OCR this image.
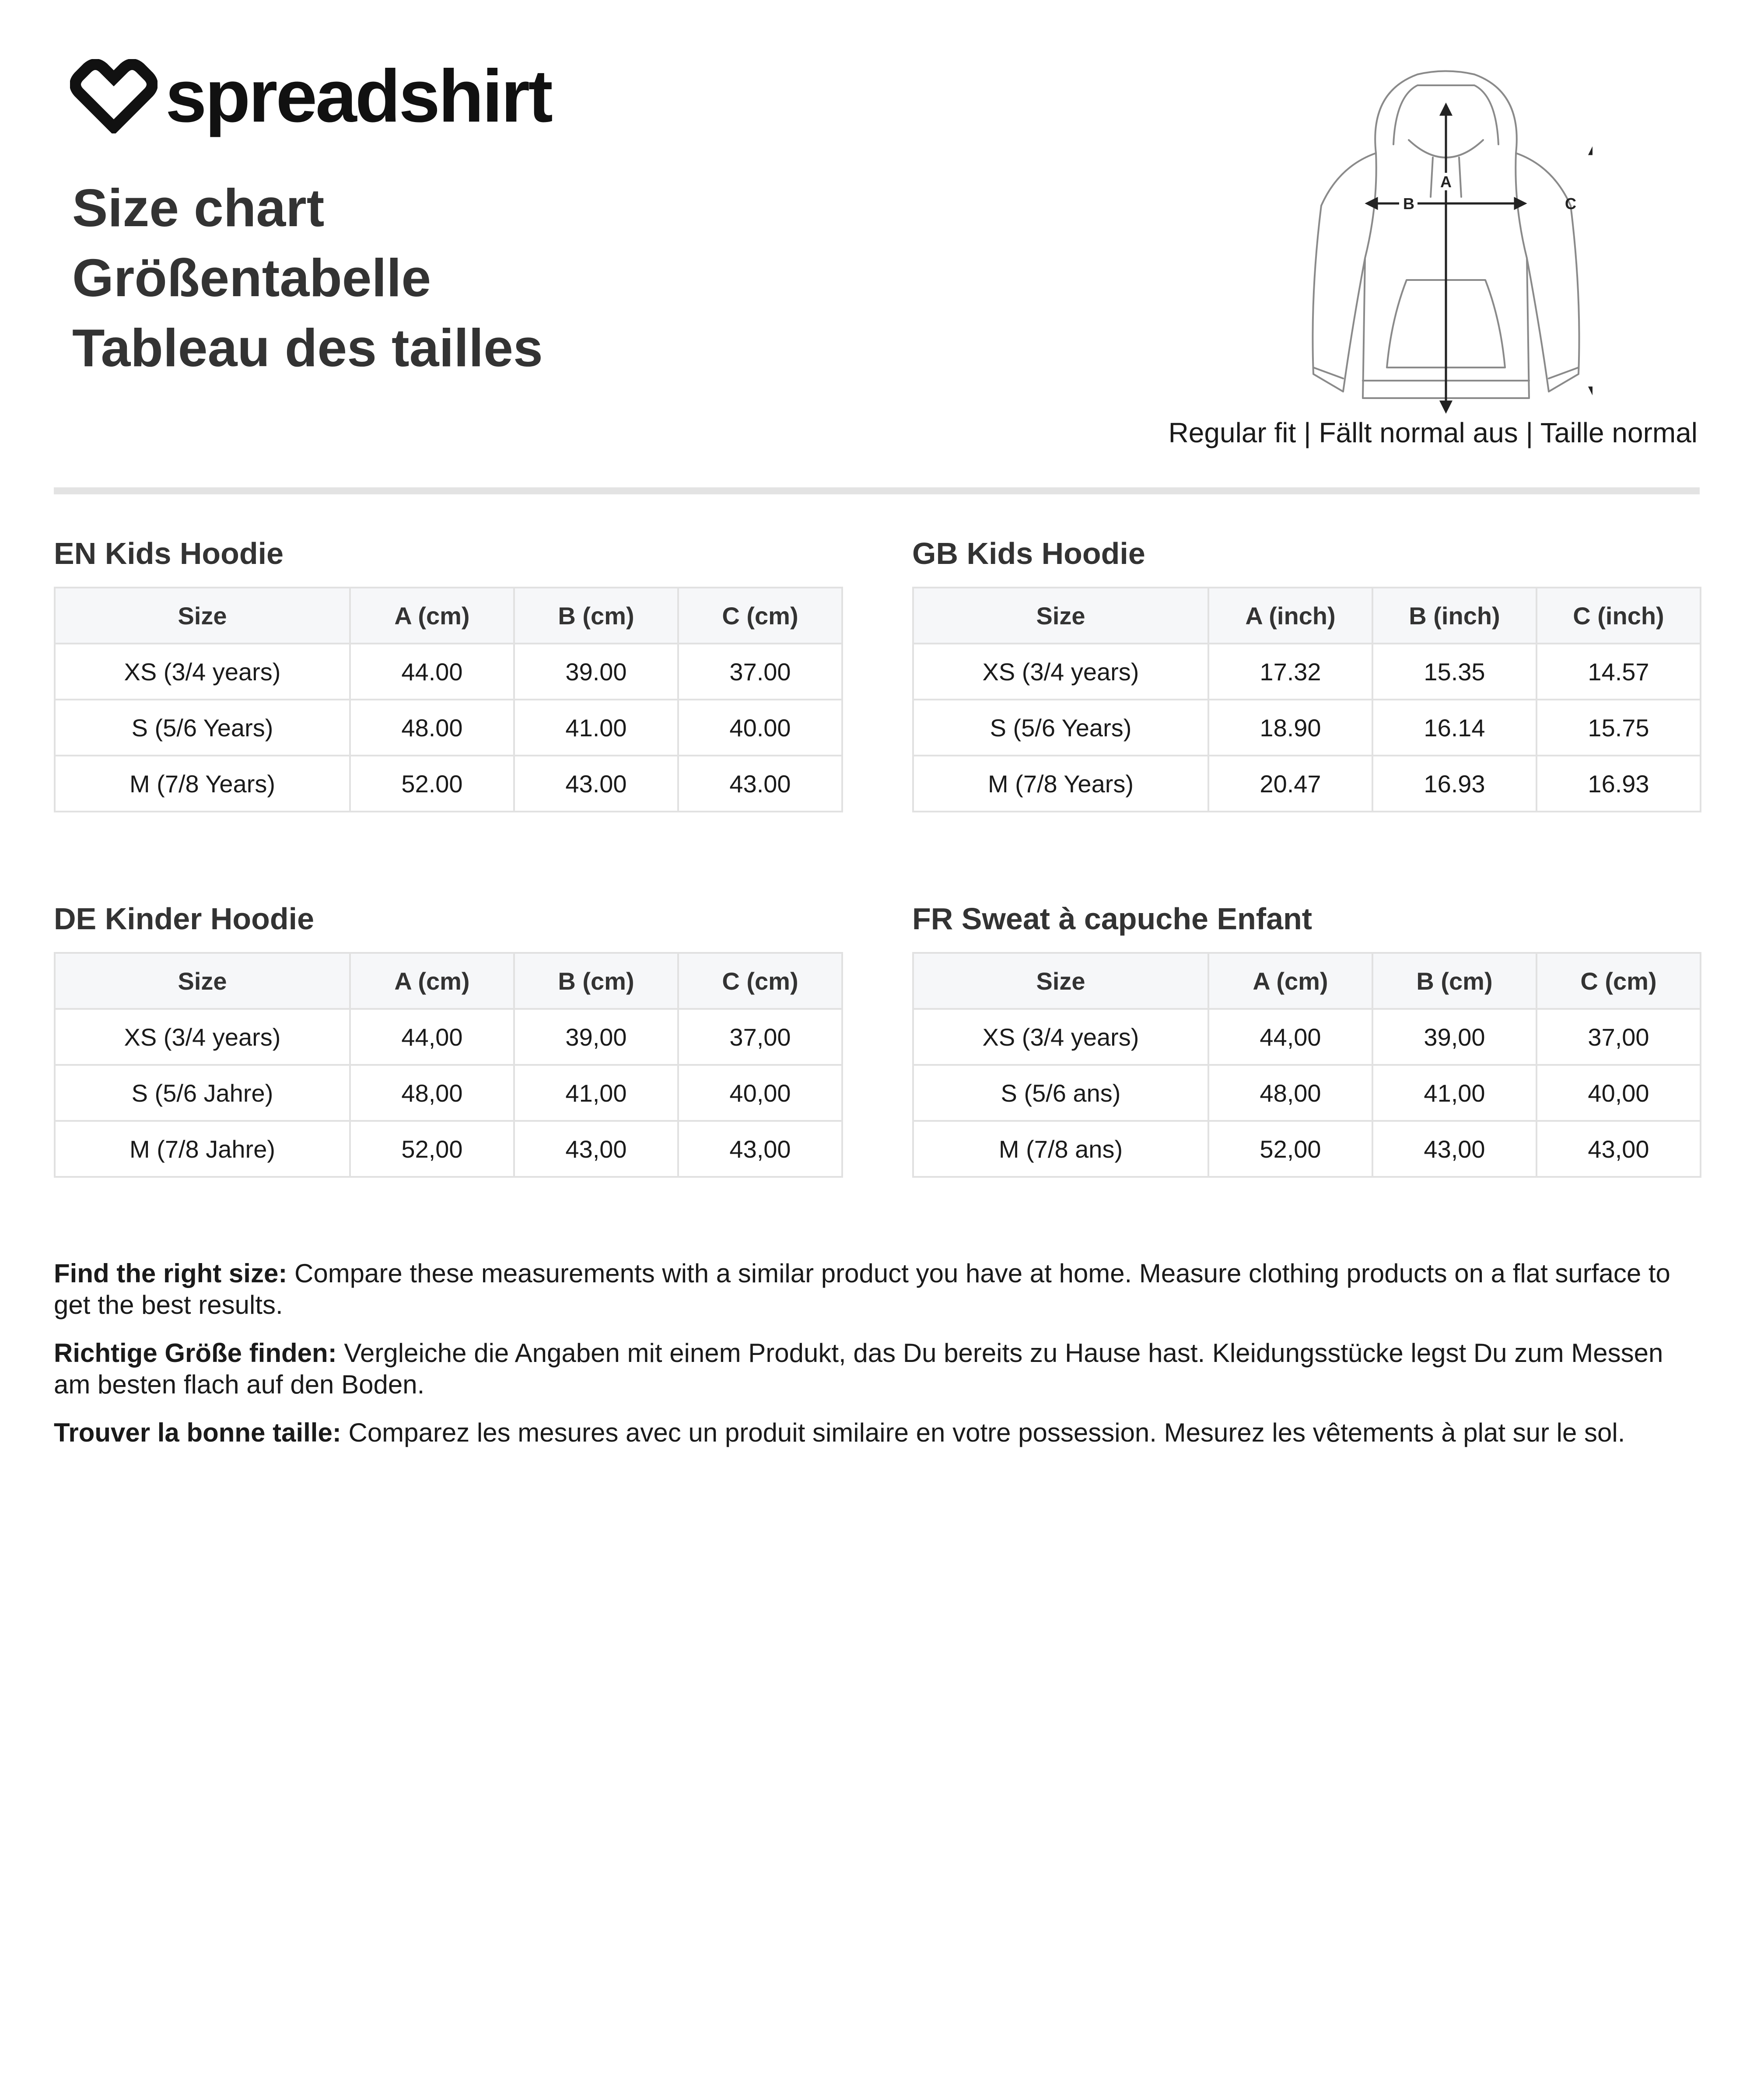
spreadshirt
Size chart
Größentabelle
Tableau des tailles
A
B	C
Regular fit | Fällt normal aus | Taille normal
EN Kids Hoodie
Size	A (cm)	B (cm)	C (cm)
XS (3/4 years)	44.00	39.00	37.00
S (5/6 Years)	48.00	41.00	40.00
M (7/8 Years)	52.00	43.00	43.00
GB Kids Hoodie
Size	A (inch)	B (inch)	C (inch)
XS (3/4 years)	17.32	15.35	14.57
S (5/6 Years)	18.90	16.14	15.75
M (7/8 Years)	20.47	16.93	16.93
DE Kinder Hoodie
Size	A (cm)	B (cm)	C (cm)
XS (3/4 years)	44,00	39,00	37,00
S (5/6 Jahre)	48,00	41,00	40,00
M (7/8 Jahre)	52,00	43,00	43,00
FR Sweat à capuche Enfant
Size	A (cm)	B (cm)	C (cm)
XS (3/4 years)	44,00	39,00	37,00
S (5/6 ans)	48,00	41,00	40,00
M (7/8 ans)	52,00	43,00	43,00

Find the right size: Compare these measurements with a similar product you have at home. Measure clothing products on a flat surface to get the best results.

Richtige Größe finden: Vergleiche die Angaben mit einem Produkt, das Du bereits zu Hause hast. Kleidungsstücke legst Du zum Messen am besten flach auf den Boden.

Trouver la bonne taille: Comparez les mesures avec un produit similaire en votre possession. Mesurez les vêtements à plat sur le sol.
